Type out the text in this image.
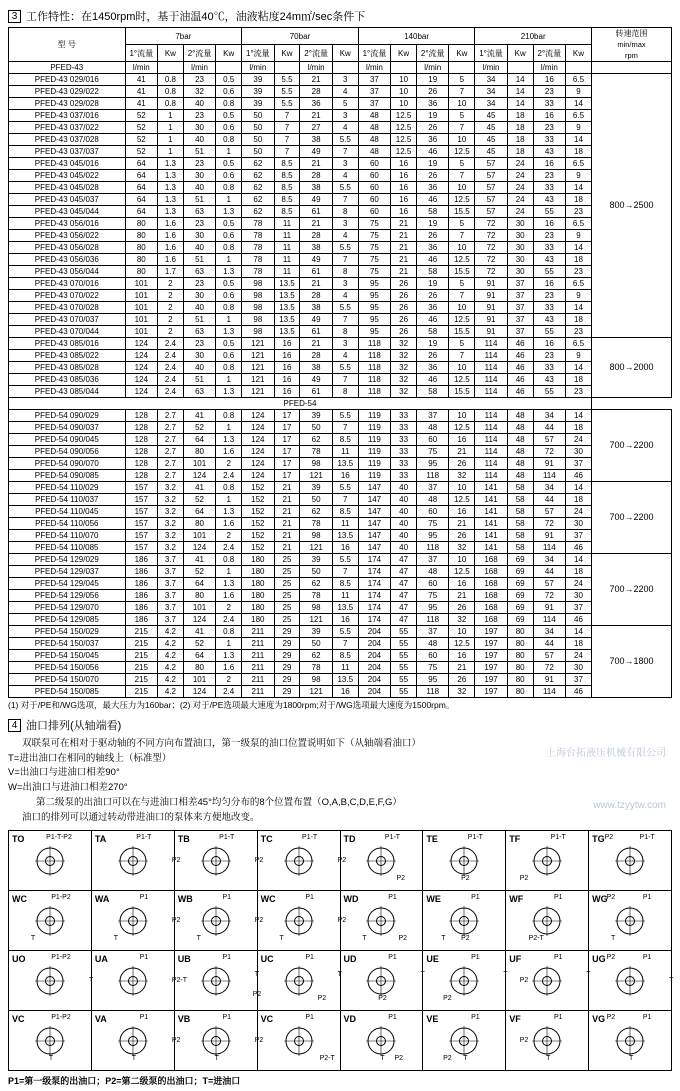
3 工作特性：在1450rpm时，基于油温40℃，油液粘度24m㎡/sec条件下
型 号	7bar				70bar				140bar				210bar				转速范围
min/max
rpm

	1°流量	Kw	2°流量	Kw	1°流量	Kw	2°流量	Kw	1°流量	Kw	2°流量	Kw	1°流量	Kw	2°流量	Kw	
PFED-43	l/min		l/min		l/min		l/min		l/min		l/min		l/min		l/min		
PFED-43 029/016	41	0.8	23	0.5	39	5.5	21	3	37	10	19	5	34	14	16	6.5	800→2500
PFED-43 029/022	41	0.8	32	0.6	39	5.5	28	4	37	10	26	7	34	14	23	9	
PFED-43 029/028	41	0.8	40	0.8	39	5.5	36	5	37	10	36	10	34	14	33	14	
PFED-43 037/016	52	1	23	0.5	50	7	21	3	48	12.5	19	5	45	18	16	6.5	
PFED-43 037/022	52	1	30	0.6	50	7	27	4	48	12.5	26	7	45	18	23	9	
PFED-43 037/028	52	1	40	0.8	50	7	38	5.5	48	12.5	36	10	45	18	33	14	
PFED-43 037/037	52	1	51	1	50	7	49	7	48	12.5	46	12.5	45	18	43	18	
PFED-43 045/016	64	1.3	23	0.5	62	8.5	21	3	60	16	19	5	57	24	16	6.5	
PFED-43 045/022	64	1.3	30	0.6	62	8.5	28	4	60	16	26	7	57	24	23	9	
PFED-43 045/028	64	1.3	40	0.8	62	8.5	38	5.5	60	16	36	10	57	24	33	14	
PFED-43 045/037	64	1.3	51	1	62	8.5	49	7	60	16	46	12.5	57	24	43	18	
PFED-43 045/044	64	1.3	63	1.3	62	8.5	61	8	60	16	58	15.5	57	24	55	23	
PFED-43 056/016	80	1.6	23	0.5	78	11	21	3	75	21	19	5	72	30	16	6.5	
PFED-43 056/022	80	1.6	30	0.6	78	11	28	4	75	21	26	7	72	30	23	9	
PFED-43 056/028	80	1.6	40	0.8	78	11	38	5.5	75	21	36	10	72	30	33	14	
PFED-43 056/036	80	1.6	51	1	78	11	49	7	75	21	46	12.5	72	30	43	18	
PFED-43 056/044	80	1.7	63	1.3	78	11	61	8	75	21	58	15.5	72	30	55	23	
PFED-43 070/016	101	2	23	0.5	98	13.5	21	3	95	26	19	5	91	37	16	6.5	
PFED-43 070/022	101	2	30	0.6	98	13.5	28	4	95	26	26	7	91	37	23	9	
PFED-43 070/028	101	2	40	0.8	98	13.5	38	5.5	95	26	36	10	91	37	33	14	
PFED-43 070/037	101	2	51	1	98	13.5	49	7	95	26	46	12.5	91	37	43	18	
PFED-43 070/044	101	2	63	1.3	98	13.5	61	8	95	26	58	15.5	91	37	55	23	
PFED-43 085/016	124	2.4	23	0.5	121	16	21	3	118	32	19	5	114	46	16	6.5	800→2000
PFED-43 085/022	124	2.4	30	0.6	121	16	28	4	118	32	26	7	114	46	23	9	
PFED-43 085/028	124	2.4	40	0.8	121	16	38	5.5	118	32	36	10	114	46	33	14	
PFED-43 085/036	124	2.4	51	1	121	16	49	7	118	32	46	12.5	114	46	43	18	
PFED-43 085/044	124	2.4	63	1.3	121	16	61	8	118	32	58	15.5	114	46	55	23	
PFED-54																	
PFED-54 090/029	128	2.7	41	0.8	124	17	39	5.5	119	33	37	10	114	48	34	14	700→2200
PFED-54 090/037	128	2.7	52	1	124	17	50	7	119	33	48	12.5	114	48	44	18	
PFED-54 090/045	128	2.7	64	1.3	124	17	62	8.5	119	33	60	16	114	48	57	24	
PFED-54 090/056	128	2.7	80	1.6	124	17	78	11	119	33	75	21	114	48	72	30	
PFED-54 090/070	128	2.7	101	2	124	17	98	13.5	119	33	95	26	114	48	91	37	
PFED-54 090/085	128	2.7	124	2.4	124	17	121	16	119	33	118	32	114	48	114	46	
PFED-54 110/029	157	3.2	41	0.8	152	21	39	5.5	147	40	37	10	141	58	34	14	700→2200
PFED-54 110/037	157	3.2	52	1	152	21	50	7	147	40	48	12.5	141	58	44	18	
PFED-54 110/045	157	3.2	64	1.3	152	21	62	8.5	147	40	60	16	141	58	57	24	
PFED-54 110/056	157	3.2	80	1.6	152	21	78	11	147	40	75	21	141	58	72	30	
PFED-54 110/070	157	3.2	101	2	152	21	98	13.5	147	40	95	26	141	58	91	37	
PFED-54 110/085	157	3.2	124	2.4	152	21	121	16	147	40	118	32	141	58	114	46	
PFED-54 129/029	186	3.7	41	0.8	180	25	39	5.5	174	47	37	10	168	69	34	14	700→2200
PFED-54 129/037	186	3.7	52	1	180	25	50	7	174	47	48	12.5	168	69	44	18	
PFED-54 129/045	186	3.7	64	1.3	180	25	62	8.5	174	47	60	16	168	69	57	24	
PFED-54 129/056	186	3.7	80	1.6	180	25	78	11	174	47	75	21	168	69	72	30	
PFED-54 129/070	186	3.7	101	2	180	25	98	13.5	174	47	95	26	168	69	91	37	
PFED-54 129/085	186	3.7	124	2.4	180	25	121	16	174	47	118	32	168	69	114	46	
PFED-54 150/029	215	4.2	41	0.8	211	29	39	5.5	204	55	37	10	197	80	34	14	700→1800
PFED-54 150/037	215	4.2	52	1	211	29	50	7	204	55	48	12.5	197	80	44	18	
PFED-54 150/045	215	4.2	64	1.3	211	29	62	8.5	204	55	60	16	197	80	57	24	
PFED-54 150/056	215	4.2	80	1.6	211	29	78	11	204	55	75	21	197	80	72	30	
PFED-54 150/070	215	4.2	101	2	211	29	98	13.5	204	55	95	26	197	80	91	37	
PFED-54 150/085	215	4.2	124	2.4	211	29	121	16	204	55	118	32	197	80	114	46	
(1) 对于/PE和/WG选项，最大压力为160bar；(2) 对于/PE选项最大速度为1800rpm;对于/WG选项最大速度为1500rpm。
4 油口排列(从轴端看)
双联泵可在相对于驱动轴的不同方向布置油口，第一级泵的油口位置说明如下（从轴端看油口）
T=进出油口在相同的轴线上（标准型）
V=出油口与进油口相差90°
W=出油口与进油口相差270°
第二级泵的出油口可以在与进油口相差45°均匀分布的8个位置布置（O,A,B,C,D,E,F,G）
油口的排列可以通过转动带进油口的泵体来方便地改变。
上海台拓液压机械有限公司
www.tzyytw.com
TO P1-T-P2	TA P1-T
P2	TB P1-T
P2	TC P1-T
P2	TD P1-T
P2	TE P1-T
P2	TF P1-T
P2	TG P1-T
P2

WC P1-P2
T	WA P1
P2
T	WB P1
P2
T	WC P1
P2
T	WD P1
P2
T	WE P1
P2
T	WF P1
P2-T	WG P1
P2
T

UO P1-P2
T	UA P1
P2-T	UB P1
T
P2	UC P1
T
P2	UD P1
T
P2	UE P1
T
P2	UF P1
T
P2	UG P1
P2
T

VC P1-P2
T	VA P1
P2
T	VB P1
P2
T	VC P1
P2-T	VD P1
T P2	VE P1
P2 T	VF P1
P2
T	VG P1
P2
T
P1=第一级泵的出油口；P2=第二级泵的出油口；T=进油口
